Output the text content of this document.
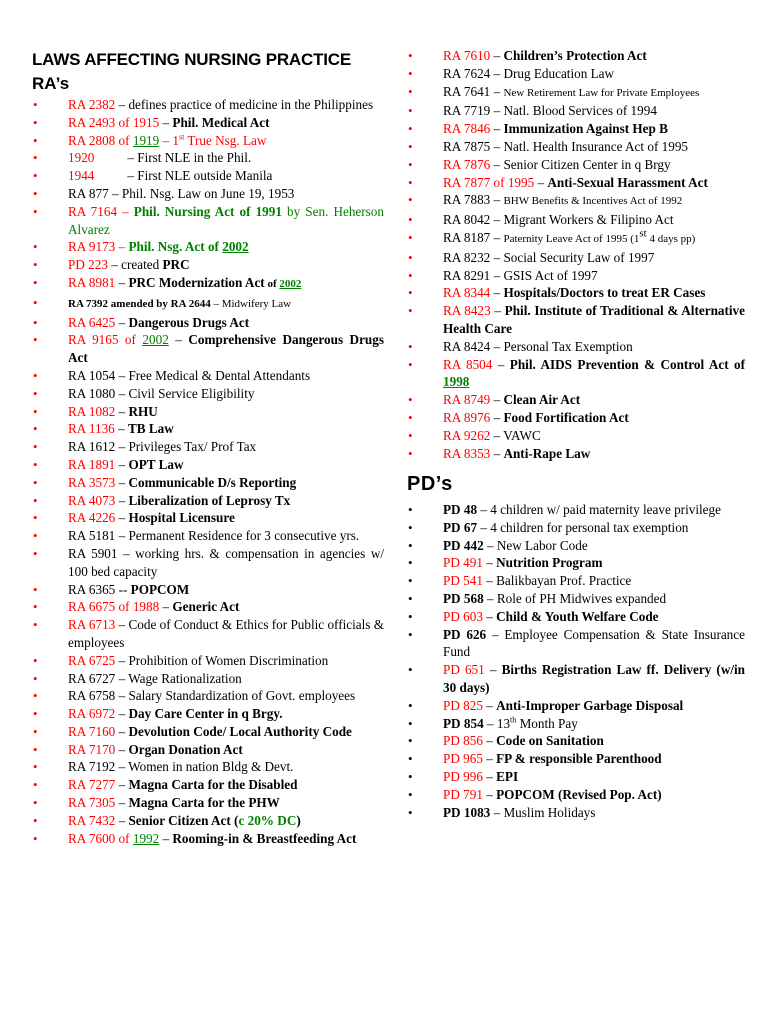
LAWS AFFECTING NURSING PRACTICE
RA’s
• RA 2382 – defines practice of medicine in the Philippines
• RA 2493 of 1915 – Phil. Medical Act
• RA 2808 of 1919 – 1st True Nsg. Law
• 1920          – First NLE in the Phil.
• 1944          – First NLE outside Manila
• RA 877 – Phil. Nsg. Law on June 19, 1953
• RA 7164 – Phil. Nursing Act of 1991 by Sen. Heherson Alvarez
• RA 9173 – Phil. Nsg. Act of 2002
• PD 223 – created PRC
• RA 8981 – PRC Modernization Act of 2002
•	RA 7392 amended by RA 2644 – Midwifery Law
• RA 6425 – Dangerous Drugs Act
• RA 9165 of 2002 – Comprehensive Dangerous Drugs Act
• RA 1054 – Free Medical & Dental Attendants
• RA 1080 – Civil Service Eligibility
• RA 1082 – RHU
• RA 1136 – TB Law
• RA 1612 – Privileges Tax/ Prof Tax
• RA 1891 – OPT Law
• RA 3573 – Communicable D/s Reporting
• RA 4073 – Liberalization of Leprosy Tx
• RA 4226 – Hospital Licensure
• RA 5181 – Permanent Residence for 3 consecutive yrs.
• RA 5901 – working hrs. & compensation in agencies w/ 100 bed capacity
• RA 6365 -- POPCOM
• RA 6675 of 1988 – Generic Act
• RA 6713 – Code of Conduct & Ethics for Public officials & employees
• RA 6725 – Prohibition of Women Discrimination
• RA 6727 – Wage Rationalization
• RA 6758 – Salary Standardization of Govt. employees
• RA 6972 – Day Care Center in q Brgy.
• RA 7160 – Devolution Code/ Local Authority Code
• RA 7170 – Organ Donation Act
• RA 7192 – Women in nation Bldg & Devt.
• RA 7277 – Magna Carta for the Disabled
• RA 7305 – Magna Carta for the PHW
• RA 7432 – Senior Citizen Act (c 20% DC)
• RA 7600 of 1992 – Rooming-in & Breastfeeding Act
• RA 7610 – Children’s Protection Act
• RA 7624 – Drug Education Law
• RA 7641 – New Retirement Law for Private Employees
• RA 7719 – Natl. Blood Services of 1994
• RA 7846 – Immunization Against Hep B
• RA 7875 – Natl. Health Insurance Act of 1995
• RA 7876 – Senior Citizen Center in q Brgy
• RA 7877 of 1995 – Anti-Sexual Harassment Act
• RA 7883 – BHW Benefits & Incentives Act of 1992
• RA 8042 – Migrant Workers & Filipino Act
• RA 8187 – Paternity Leave Act of 1995 (1st 4 days pp)
• RA 8232 – Social Security Law of 1997
• RA 8291 – GSIS Act of 1997
• RA 8344 – Hospitals/Doctors to treat ER Cases
• RA 8423 – Phil. Institute of Traditional & Alternative Health Care
• RA 8424 – Personal Tax Exemption
• RA 8504 – Phil. AIDS Prevention & Control Act of 1998
• RA 8749 – Clean Air Act
• RA 8976 – Food Fortification Act
• RA 9262 – VAWC
• RA 8353 – Anti-Rape Law
PD’s
• PD 48 – 4 children w/ paid maternity leave privilege
• PD 67 – 4 children for personal tax exemption
• PD 442 – New Labor Code
• PD 491 – Nutrition Program
• PD 541 – Balikbayan Prof. Practice
• PD 568 – Role of PH Midwives expanded
• PD 603 – Child & Youth Welfare Code
• PD 626 – Employee Compensation & State Insurance Fund
• PD 651 – Births Registration Law ff. Delivery (w/in 30 days)
• PD 825 – Anti-Improper Garbage Disposal
• PD 854 – 13th Month Pay
• PD 856 – Code on Sanitation
• PD 965 – FP & responsible Parenthood
• PD 996 – EPI
• PD 791 – POPCOM (Revised Pop. Act)
• PD 1083 – Muslim Holidays
